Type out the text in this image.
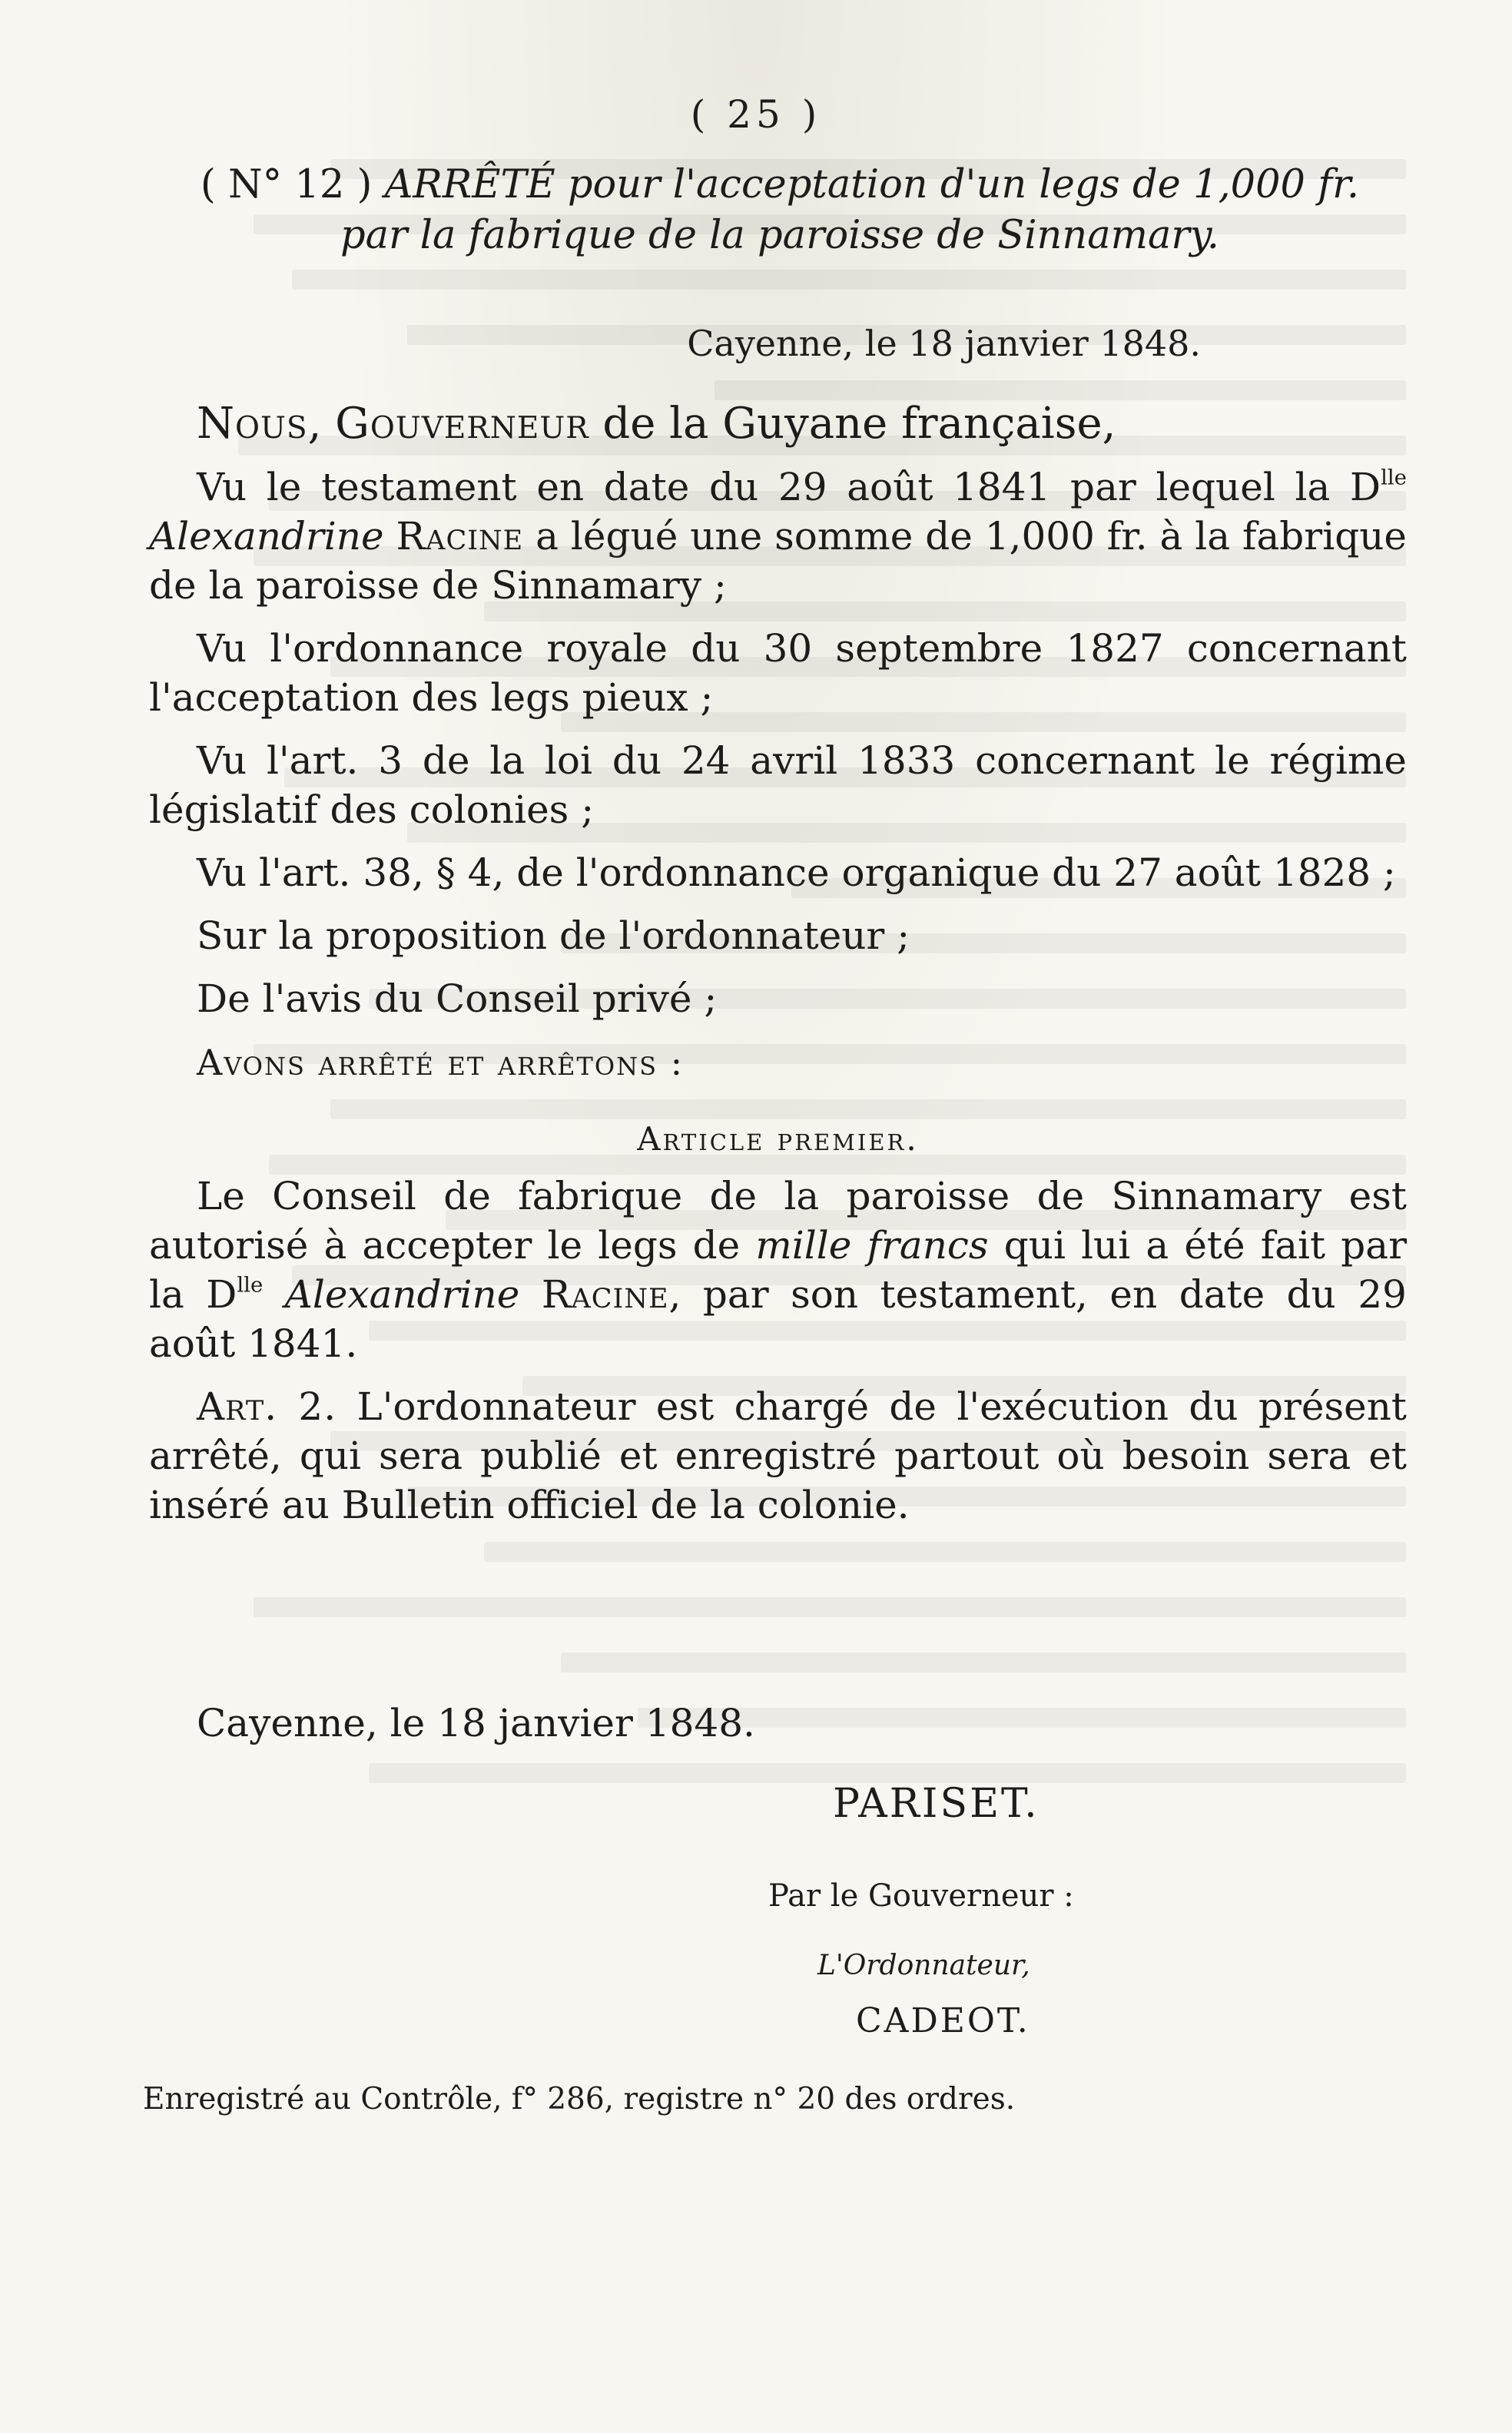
( 25 )
( N° 12 ) ARRÊTÉ pour l'acceptation d'un legs de 1,000 fr.
par la fabrique de la paroisse de Sinnamary.
Cayenne, le 18 janvier 1848.

Nous, Gouverneur de la Guyane française,

Vu le testament en date du 29 août 1841 par lequel la $D^{lle}$ Alexandrine Racine a légué une somme de 1,000 fr. à la fabrique de la paroisse de Sinnamary ;

Vu l'ordonnance royale du 30 septembre 1827 concernant l'acceptation des legs pieux ;

Vu l'art. 3 de la loi du 24 avril 1833 concernant le régime législatif des colonies ;

Vu l'art. 38, § 4, de l'ordonnance organique du 27 août 1828 ;

Sur la proposition de l'ordonnateur ;

De l'avis du Conseil privé ;

Avons arrêté et arrêtons :

Article premier.

Le Conseil de fabrique de la paroisse de Sinnamary est autorisé à accepter le legs de mille francs qui lui a été fait par la $D^{lle}$ Alexandrine Racine, par son testament, en date du 29 août 1841.

Art. 2. L'ordonnateur est chargé de l'exécution du présent arrêté, qui sera publié et enregistré partout où besoin sera et inséré au Bulletin officiel de la colonie.

Cayenne, le 18 janvier 1848.
PARISET.
Par le Gouverneur :
L'Ordonnateur,
CADEOT.
Enregistré au Contrôle, f° 286, registre n° 20 des ordres.
